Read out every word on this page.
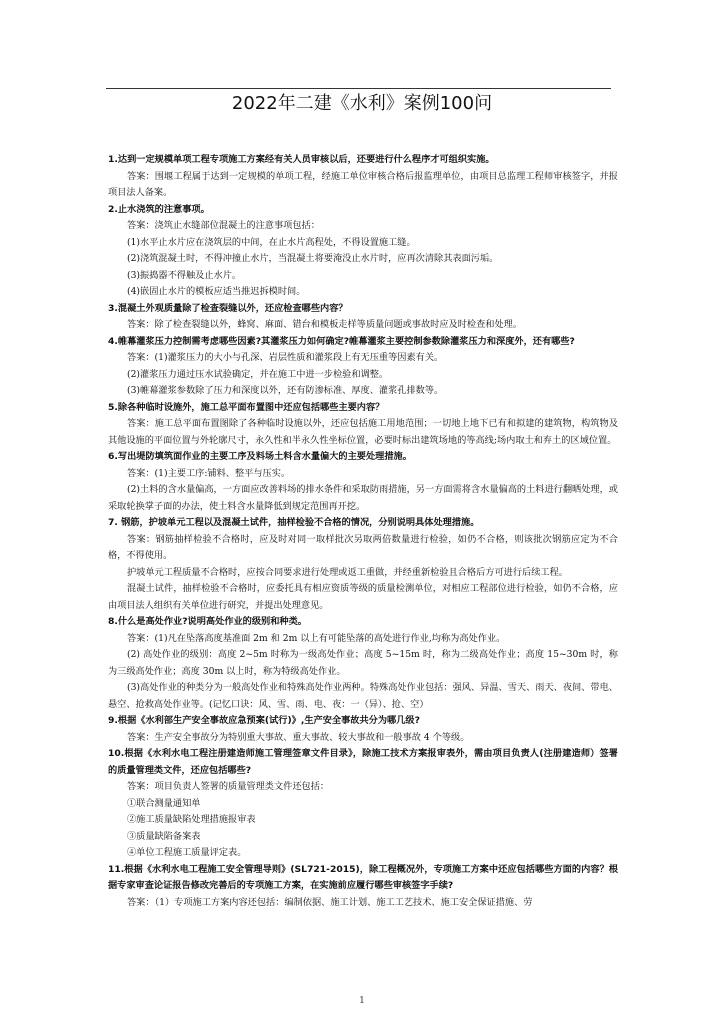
2022年二建《水利》案例100问

1.达到一定规模单项工程专项施工方案经有关人员审核以后，还要进行什么程序才可组织实施。

答案：围堰工程属于达到一定规模的单项工程，经施工单位审核合格后报监理单位，由项目总监理工程师审核签字，并报项目法人备案。

2.止水浇筑的注意事项。

答案：浇筑止水缝部位混凝土的注意事项包括：

(1)水平止水片应在浇筑层的中间，在止水片高程处，不得设置施工缝。

(2)浇筑混凝土时，不得冲撞止水片，当混凝土将要淹没止水片时，应再次清除其表面污垢。

(3)振捣器不得触及止水片。

(4)嵌固止水片的模板应适当推迟拆模时间。

3.混凝土外观质量除了检查裂缝以外，还应检查哪些内容？

答案：除了检查裂缝以外，蜂窝、麻面、错台和模板走样等质量问题或事故时应及时检查和处理。

4.帷幕灌浆压力控制需考虑哪些因素?其灌浆压力如何确定?帷幕灌浆主要控制参数除灌浆压力和深度外，还有哪些?

答案：(1)灌浆压力的大小与孔深、岩层性质和灌浆段上有无压重等因素有关。

(2)灌浆压力通过压水试验确定，并在施工中进一步检验和调整。

(3)帷幕灌浆参数除了压力和深度以外，还有防渗标准、厚度、灌浆孔排数等。

5.除各种临时设施外，施工总平面布置图中还应包括哪些主要内容？

答案：施工总平面布置图除了各种临时设施以外，还应包括施工用地范围；一切地上地下已有和拟建的建筑物，构筑物及其他设施的平面位置与外轮廓尺寸，永久性和半永久性坐标位置，必要时标出建筑场地的等高线;场内取土和弃土的区域位置。

6.写出堤防填筑面作业的主要工序及料场土料含水量偏大的主要处理措施。

答案：(1)主要工序:铺料、整平与压实。

(2)土料的含水量偏高，一方面应改善料场的排水条件和采取防雨措施，另一方面需将含水量偏高的土料进行翻晒处理，或采取轮换掌子面的办法，使土料含水量降低到规定范围再开挖。

7. 钢筋，护坡单元工程以及混凝土试件，抽样检验不合格的情况，分别说明具体处理措施。

答案：钢筋抽样检验不合格时，应及时对同一取样批次另取两倍数量进行检验，如仍不合格，则该批次钢筋应定为不合格，不得使用。

护坡单元工程质量不合格时，应按合同要求进行处理或返工重做，并经重新检验且合格后方可进行后续工程。

混凝土试件，抽样检验不合格时，应委托具有相应资质等级的质量检测单位，对相应工程部位进行检验，如仍不合格，应由项目法人组织有关单位进行研究，并提出处理意见。

8.什么是高处作业?说明高处作业的级别和种类。

答案：(1)凡在坠落高度基准面 2m 和 2m 以上有可能坠落的高处进行作业,均称为高处作业。

(2) 高处作业的级别：高度 2~5m 时称为一级高处作业；高度 5~15m 时，称为二级高处作业；高度 15~30m 时，称为三级高处作业；高度 30m 以上时，称为特级高处作业。

(3)高处作业的种类分为一般高处作业和特殊高处作业两种。特殊高处作业包括：强风、异温、雪天、雨天、夜间、带电、悬空、抢救高处作业等。(记忆口诀：风、雪、雨、电、夜：一（异）、抢、空）

9.根据《水利部生产安全事故应急预案(试行)》,生产安全事故共分为哪几级?

答案：生产安全事故分为特别重大事故、重大事故、较大事故和一般事故 4 个等级。

10.根据《水利水电工程注册建造师施工管理签章文件目录》，除施工技术方案报审表外，需由项目负责人(注册建造师）签署的质量管理类文件，还应包括哪些?

答案：项目负责人签署的质量管理类文件还包括：

①联合测量通知单

②施工质量缺陷处理措施报审表

③质量缺陷备案表

④单位工程施工质量评定表。

11.根据《水利水电工程施工安全管理导则》(SL721-2015)，除工程概况外，专项施工方案中还应包括哪些方面的内容？根据专家审查论证报告修改完善后的专项施工方案，在实施前应履行哪些审核签字手续?

答案：（1）专项施工方案内容还包括：编制依据、施工计划、施工工艺技术、施工安全保证措施、劳

1
